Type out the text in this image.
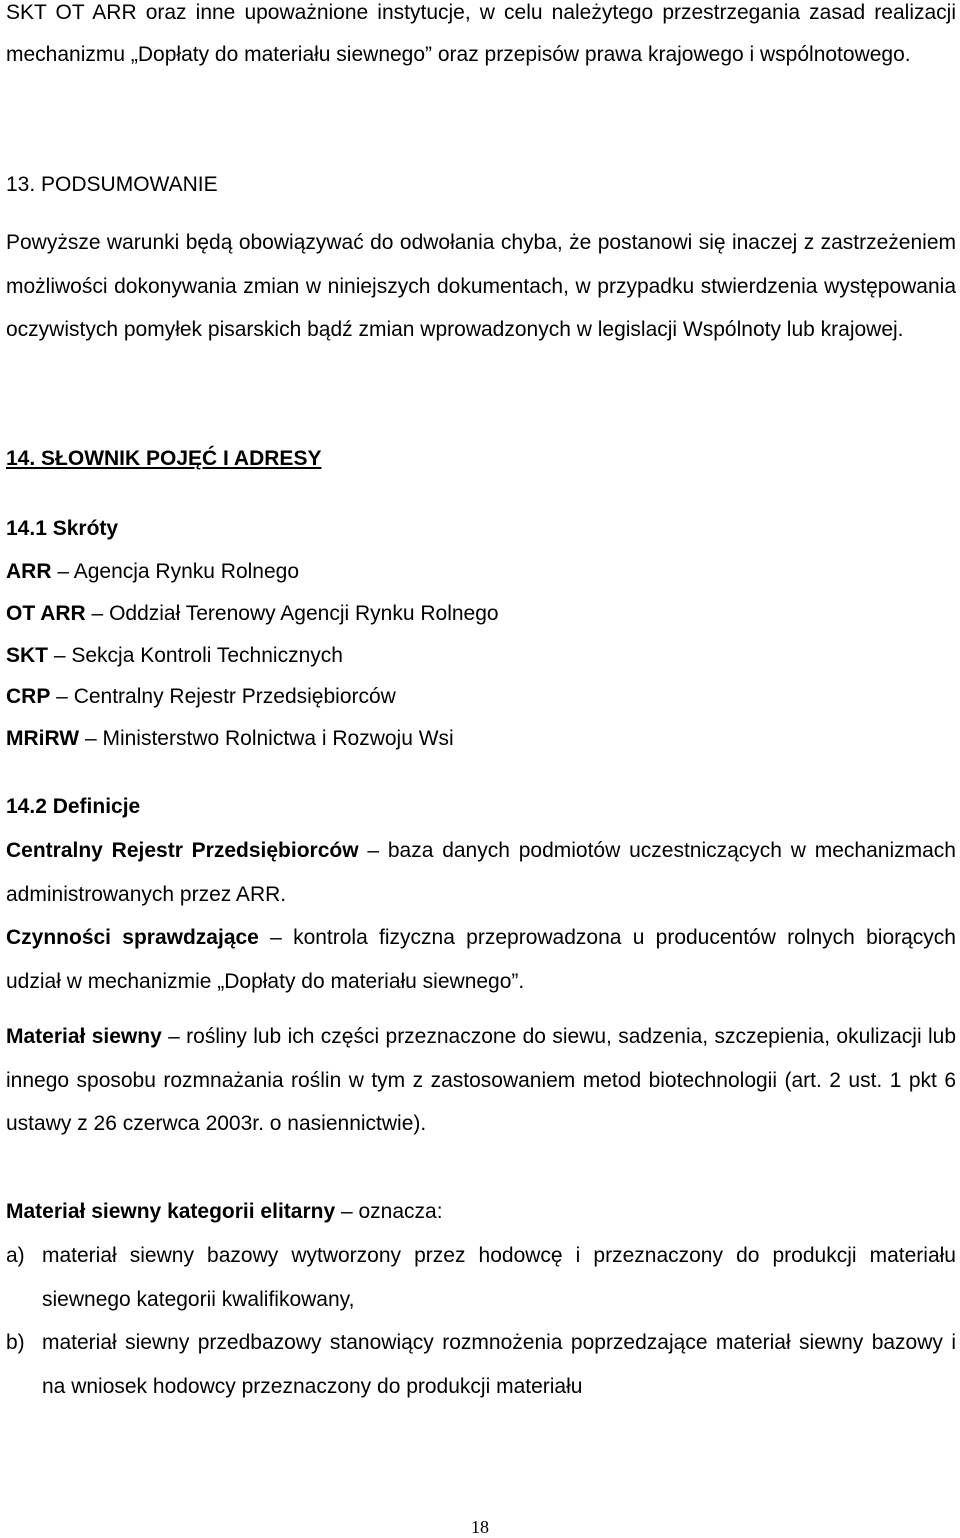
SKT OT ARR oraz inne upoważnione instytucje, w celu należytego przestrzegania zasad realizacji mechanizmu „Dopłaty do materiału siewnego” oraz przepisów prawa krajowego i wspólnotowego.

13. PODSUMOWANIE

Powyższe warunki będą obowiązywać do odwołania chyba, że postanowi się inaczej z zastrzeżeniem możliwości dokonywania zmian w niniejszych dokumentach, w przypadku stwierdzenia występowania oczywistych pomyłek pisarskich bądź zmian wprowadzonych w legislacji Wspólnoty lub krajowej.

14. SŁOWNIK POJĘĆ I ADRESY

14.1 Skróty

ARR – Agencja Rynku Rolnego
OT ARR – Oddział Terenowy Agencji Rynku Rolnego
SKT – Sekcja Kontroli Technicznych
CRP – Centralny Rejestr Przedsiębiorców
MRiRW – Ministerstwo Rolnictwa i Rozwoju Wsi

14.2 Definicje

Centralny Rejestr Przedsiębiorców – baza danych podmiotów uczestniczących w mechanizmach administrowanych przez ARR.

Czynności sprawdzające – kontrola fizyczna przeprowadzona u producentów rolnych biorących udział w mechanizmie „Dopłaty do materiału siewnego”.

Materiał siewny – rośliny lub ich części przeznaczone do siewu, sadzenia, szczepienia, okulizacji lub innego sposobu rozmnażania roślin w tym z zastosowaniem metod biotechnologii (art. 2 ust. 1 pkt 6 ustawy z 26 czerwca 2003r. o nasiennictwie).

Materiał siewny kategorii elitarny – oznacza:

a) materiał siewny bazowy wytworzony przez hodowcę i przeznaczony do produkcji materiału siewnego kategorii kwalifikowany,
b) materiał siewny przedbazowy stanowiący rozmnożenia poprzedzające materiał siewny bazowy i na wniosek hodowcy przeznaczony do produkcji materiału
18
